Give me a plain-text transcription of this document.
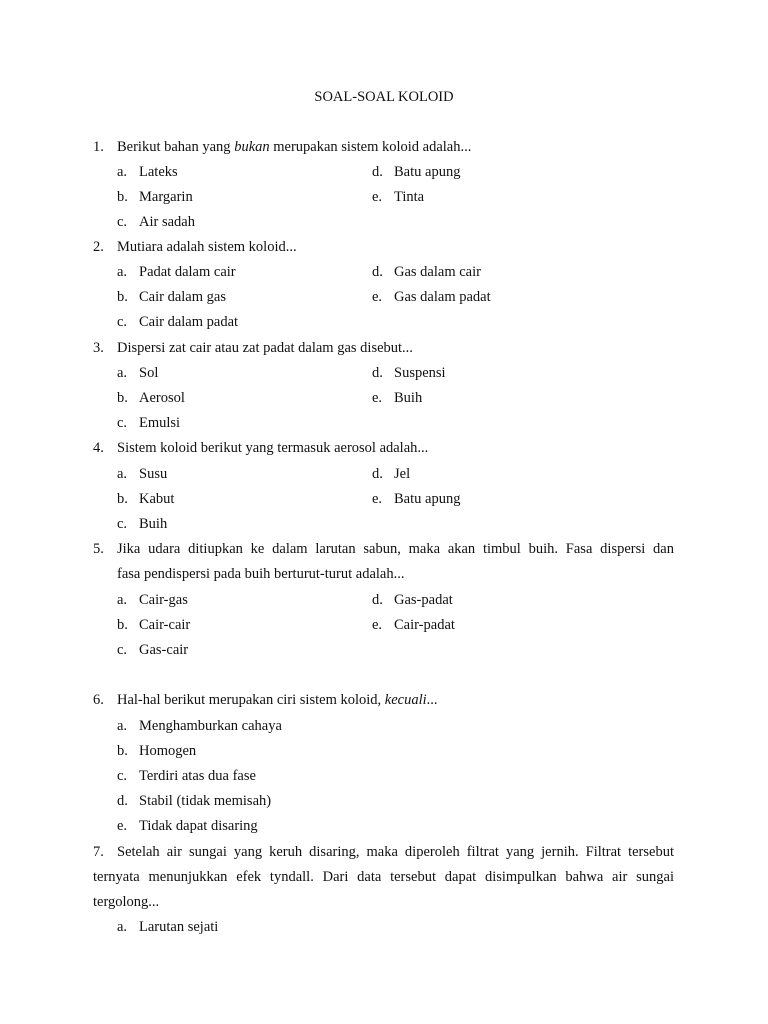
SOAL-SOAL KOLOID
1. Berikut bahan yang bukan merupakan sistem koloid adalah...
a. Lateks	d. Batu apung
b. Margarin	e. Tinta
c. Air sadah
2. Mutiara adalah sistem koloid...
a. Padat dalam cair	d. Gas dalam cair
b. Cair dalam gas	e. Gas dalam padat
c. Cair dalam padat
3. Dispersi zat cair atau zat padat dalam gas disebut...
a. Sol	d. Suspensi
b. Aerosol	e. Buih
c. Emulsi
4. Sistem koloid berikut yang termasuk aerosol adalah...
a. Susu	d. Jel
b. Kabut	e. Batu apung
c. Buih
5. Jika udara ditiupkan ke dalam larutan sabun, maka akan timbul buih. Fasa dispersi dan
fasa pendispersi pada buih berturut-turut adalah...
a. Cair-gas	d. Gas-padat
b. Cair-cair	e. Cair-padat
c. Gas-cair
6. Hal-hal berikut merupakan ciri sistem koloid, kecuali...
a. Menghamburkan cahaya
b. Homogen
c. Terdiri atas dua fase
d. Stabil (tidak memisah)
e. Tidak dapat disaring
7. Setelah air sungai yang keruh disaring, maka diperoleh filtrat yang jernih. Filtrat tersebut
ternyata menunjukkan efek tyndall. Dari data tersebut dapat disimpulkan bahwa air sungai
tergolong...
a. Larutan sejati
